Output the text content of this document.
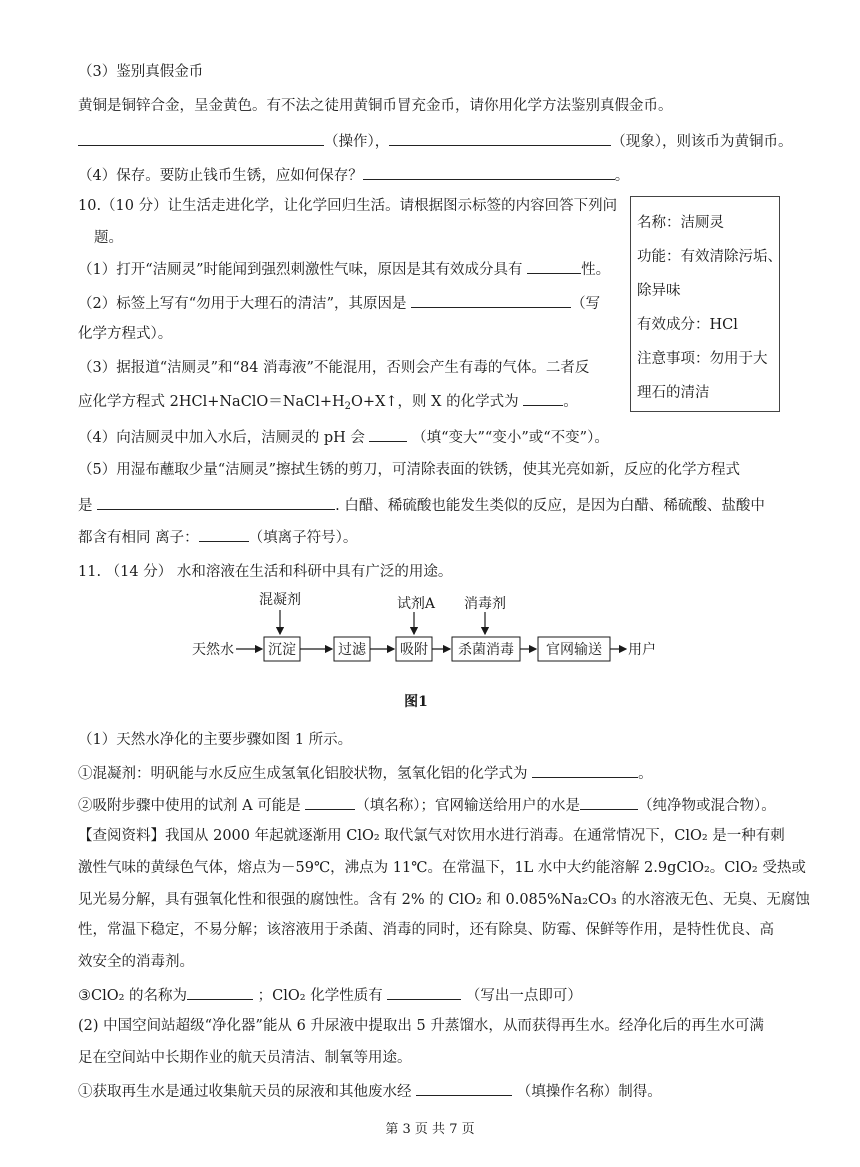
（3）鉴别真假金币
黄铜是铜锌合金，呈金黄色。有不法之徒用黄铜币冒充金币，请你用化学方法鉴别真假金币。
（操作），	（现象），则该币为黄铜币。
（4）保存。要防止钱币生锈，应如何保存？	。
10.（10 分）让生活走进化学，让化学回归生活。请根据图示标签的内容回答下列问
题。
（1）打开“洁厕灵”时能闻到强烈刺激性气味，原因是其有效成分具有	性。
（2）标签上写有“勿用于大理石的清洁”，其原因是	（写
化学方程式）。
（3）据报道“洁厕灵”和“84 消毒液”不能混用，否则会产生有毒的气体。二者反
应化学方程式 $2HCl+NaClO=NaCl+H_2O+X↑$，则 X 的化学式为	。
名称：洁厕灵
功能：有效清除污垢、
除异味
有效成分：HCl
注意事项：勿用于大
理石的清洁
（4）向洁厕灵中加入水后，洁厕灵的 pH 会	（填“变大”“变小”或“不变”）。
（5）用湿布蘸取少量“洁厕灵”擦拭生锈的剪刀，可清除表面的铁锈，使其光亮如新，反应的化学方程式
是	. 白醋、稀硫酸也能发生类似的反应，是因为白醋、稀硫酸、盐酸中
都含有相同 离子：	（填离子符号）。
11. （14 分） 水和溶液在生活和科研中具有广泛的用途。
混凝剂	试剂A 消毒剂
天然水 沉淀	过滤 吸附 杀菌消毒 官网输送 用户
图1
（1）天然水净化的主要步骤如图 1 所示。
①混凝剂：明矾能与水反应生成氢氧化铝胶状物，氢氧化铝的化学式为	。
②吸附步骤中使用的试剂 A 可能是	（填名称）；官网输送给用户的水是	（纯净物或混合物）。
【查阅资料】我国从 2000 年起就逐渐用 ClO₂ 取代氯气对饮用水进行消毒。在通常情况下，ClO₂ 是一种有刺
激性气味的黄绿色气体，熔点为－59℃，沸点为 11℃。在常温下，1L 水中大约能溶解 2.9gClO₂。ClO₂ 受热或
见光易分解，具有强氧化性和很强的腐蚀性。含有 2% 的 ClO₂ 和 0.085%Na₂CO₃ 的水溶液无色、无臭、无腐蚀
性，常温下稳定，不易分解；该溶液用于杀菌、消毒的同时，还有除臭、防霉、保鲜等作用，是特性优良、高
效安全的消毒剂。
③ClO₂ 的名称为	；ClO₂ 化学性质有	（写出一点即可）
(2) 中国空间站超级“净化器”能从 6 升尿液中提取出 5 升蒸馏水，从而获得再生水。经净化后的再生水可满
足在空间站中长期作业的航天员清洁、制氧等用途。
①获取再生水是通过收集航天员的尿液和其他废水经	（填操作名称）制得。
第 3 页 共 7 页
